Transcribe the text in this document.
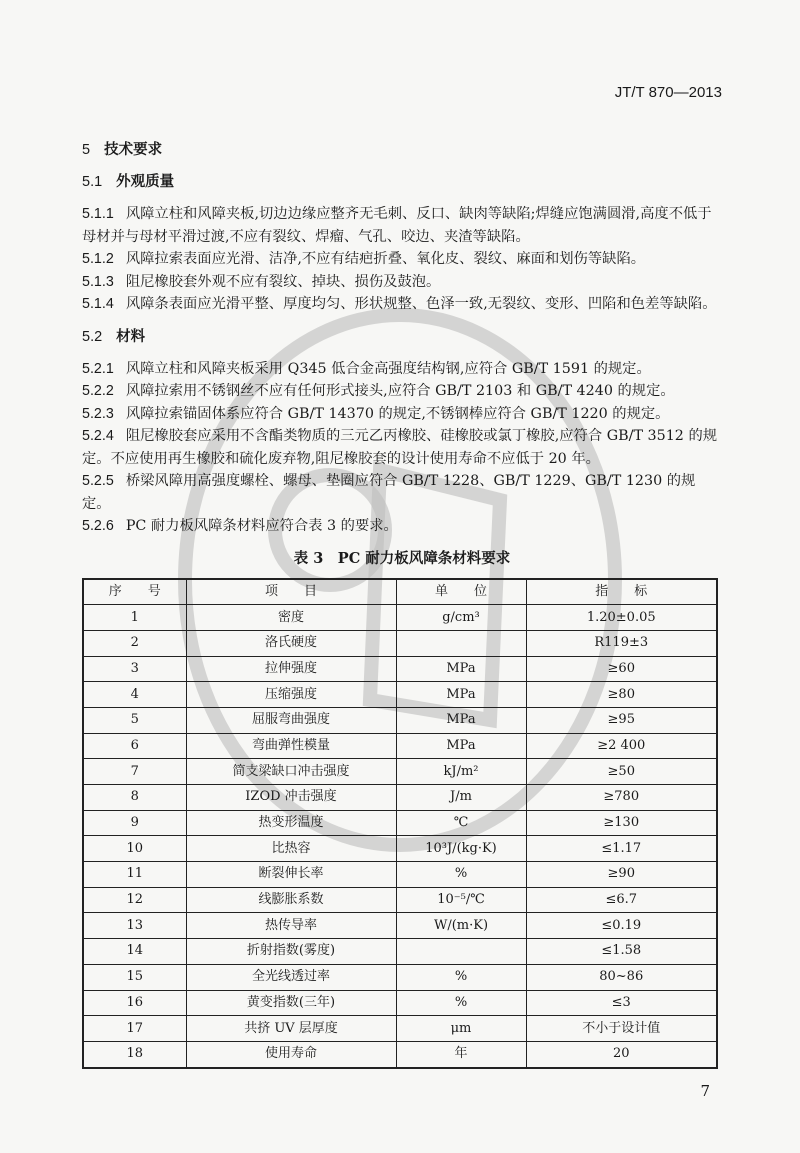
JT/T 870—2013
5 技术要求
5.1 外观质量
5.1.1 风障立柱和风障夹板,切边边缘应整齐无毛刺、反口、缺肉等缺陷;焊缝应饱满圆滑,高度不低于母材并与母材平滑过渡,不应有裂纹、焊瘤、气孔、咬边、夹渣等缺陷。
5.1.2 风障拉索表面应光滑、洁净,不应有结疤折叠、氧化皮、裂纹、麻面和划伤等缺陷。
5.1.3 阻尼橡胶套外观不应有裂纹、掉块、损伤及鼓泡。
5.1.4 风障条表面应光滑平整、厚度均匀、形状规整、色泽一致,无裂纹、变形、凹陷和色差等缺陷。
5.2 材料
5.2.1 风障立柱和风障夹板采用 Q345 低合金高强度结构钢,应符合 GB/T 1591 的规定。
5.2.2 风障拉索用不锈钢丝不应有任何形式接头,应符合 GB/T 2103 和 GB/T 4240 的规定。
5.2.3 风障拉索锚固体系应符合 GB/T 14370 的规定,不锈钢棒应符合 GB/T 1220 的规定。
5.2.4 阻尼橡胶套应采用不含酯类物质的三元乙丙橡胶、硅橡胶或氯丁橡胶,应符合 GB/T 3512 的规定。不应使用再生橡胶和硫化废弃物,阻尼橡胶套的设计使用寿命不应低于 20 年。
5.2.5 桥梁风障用高强度螺栓、螺母、垫圈应符合 GB/T 1228、GB/T 1229、GB/T 1230 的规定。
5.2.6 PC 耐力板风障条材料应符合表 3 的要求。
表 3　PC 耐力板风障条材料要求
序　　号	项　　目	单　　位	指　　标
1	密度	g/cm³	1.20±0.05
2	洛氏硬度		R119±3
3	拉伸强度	MPa	≥60
4	压缩强度	MPa	≥80
5	屈服弯曲强度	MPa	≥95
6	弯曲弹性模量	MPa	≥2 400
7	简支梁缺口冲击强度	kJ/m²	≥50
8	IZOD 冲击强度	J/m	≥780
9	热变形温度	℃	≥130
10	比热容	10³J/(kg·K)	≤1.17
11	断裂伸长率	%	≥90
12	线膨胀系数	10⁻⁵/℃	≤6.7
13	热传导率	W/(m·K)	≤0.19
14	折射指数(雾度)		≤1.58
15	全光线透过率	%	80~86
16	黄变指数(三年)	%	≤3
17	共挤 UV 层厚度	μm	不小于设计值
18	使用寿命	年	20
7
